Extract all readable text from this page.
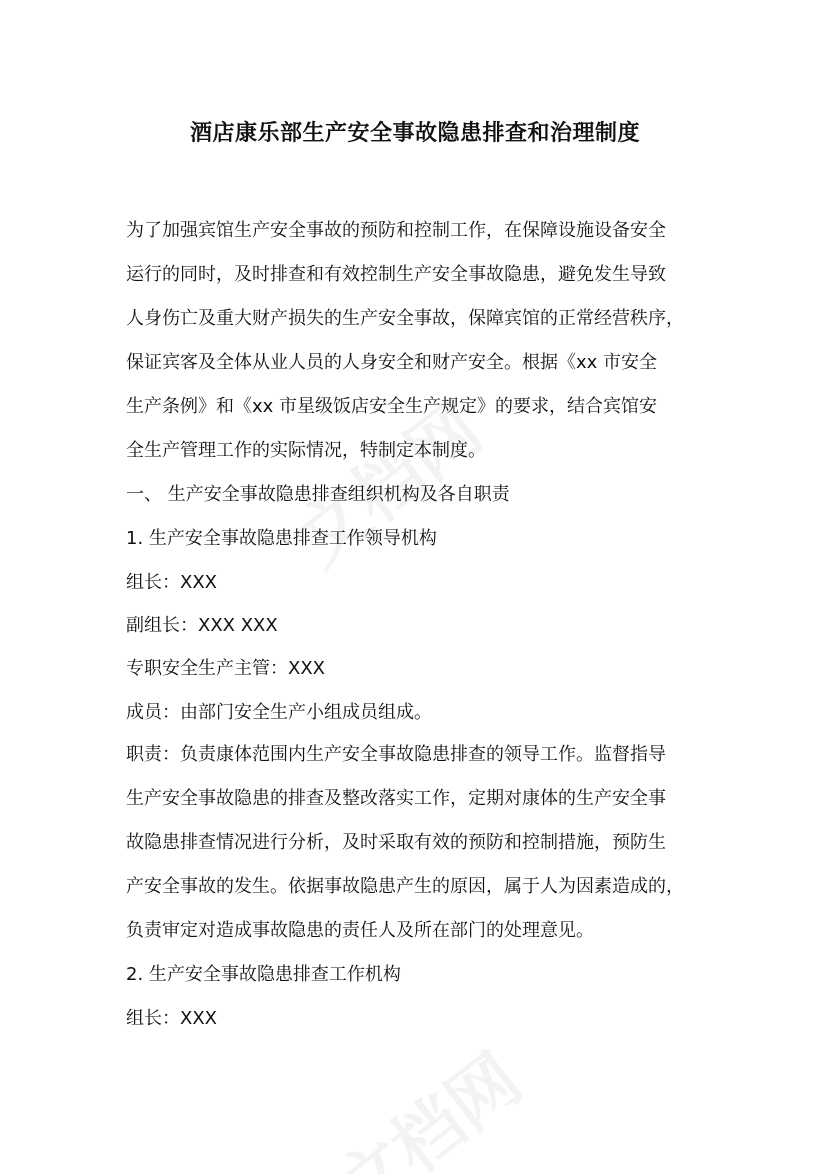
酒店康乐部生产安全事故隐患排查和治理制度
为了加强宾馆生产安全事故的预防和控制工作，在保障设施设备安全
运行的同时，及时排查和有效控制生产安全事故隐患，避免发生导致
人身伤亡及重大财产损失的生产安全事故，保障宾馆的正常经营秩序，
保证宾客及全体从业人员的人身安全和财产安全。根据《xx 市安全
生产条例》和《xx 市星级饭店安全生产规定》的要求，结合宾馆安
全生产管理工作的实际情况，特制定本制度。
一、 生产安全事故隐患排查组织机构及各自职责
1. 生产安全事故隐患排查工作领导机构
组长：XXX
副组长：XXX XXX
专职安全生产主管：XXX
成员：由部门安全生产小组成员组成。
职责：负责康体范围内生产安全事故隐患排查的领导工作。监督指导
生产安全事故隐患的排查及整改落实工作，定期对康体的生产安全事
故隐患排查情况进行分析，及时采取有效的预防和控制措施，预防生
产安全事故的发生。依据事故隐患产生的原因，属于人为因素造成的，
负责审定对造成事故隐患的责任人及所在部门的处理意见。
2. 生产安全事故隐患排查工作机构
组长：XXX
